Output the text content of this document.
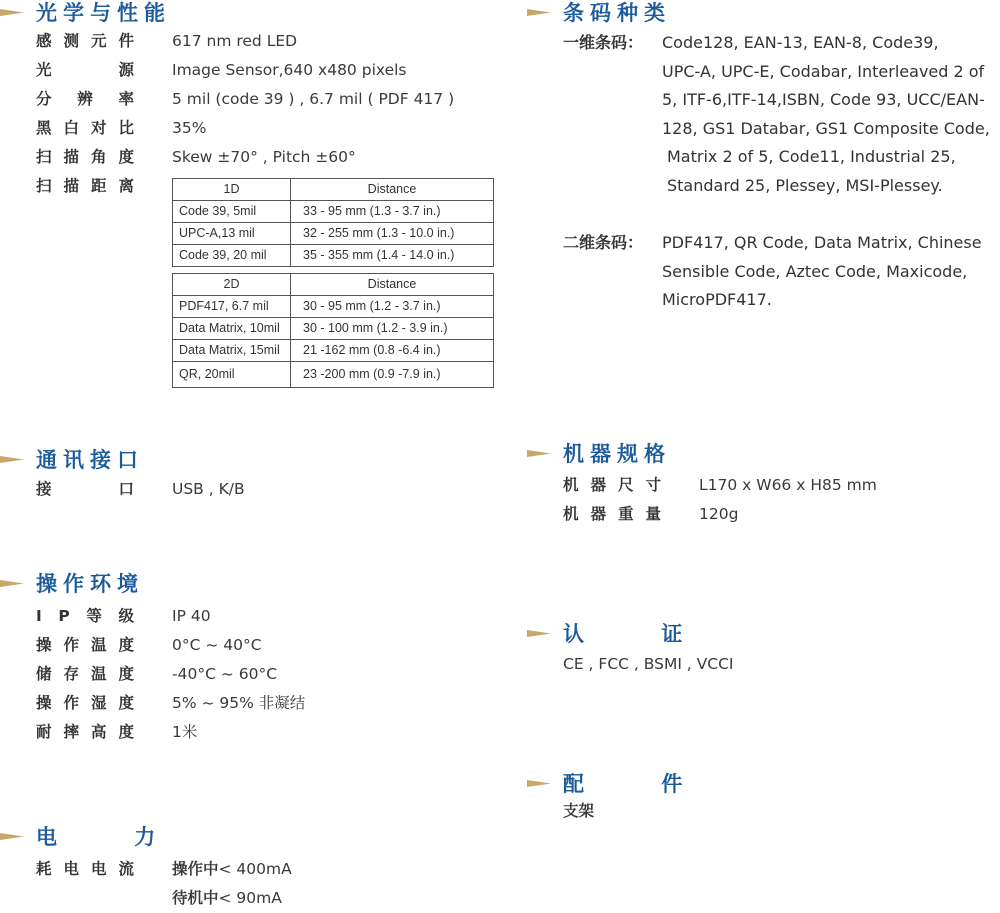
光学与性能
感 测 元 件 617 nm red LED
光	源 Image Sensor,640 x480 pixels
分 辨 率 5 mil (code 39 ) , 6.7 mil ( PDF 417 )
黑 白 对 比 35%
扫 描 角 度 Skew ±70° , Pitch ±60°
扫 描 距 离	1D	Distance
Code 39, 5mil	33 - 95 mm (1.3 - 3.7 in.)
UPC-A,13 mil	32 - 255 mm (1.3 - 10.0 in.)
Code 39, 20 mil	35 - 355 mm (1.4 - 14.0 in.)
2D	Distance
PDF417, 6.7 mil	30 - 95 mm (1.2 - 3.7 in.)
Data Matrix, 10mil	30 - 100 mm (1.2 - 3.9 in.)
Data Matrix, 15mil	21 -162 mm (0.8 -6.4 in.)
QR, 20mil	23 -200 mm (0.9 -7.9 in.)
通讯接口
接	口 USB , K/B
操作环境
I P 等 级 IP 40
操 作 温 度 0°C ~ 40°C
储 存 温 度 -40°C ~ 60°C
操 作 湿 度 5% ~ 95% 非凝结
耐 摔 高 度 1米
电 力
耗 电 电 流 操作中< 400mA
待机中< 90mA
条码种类
一维条码： Code128, EAN-13, EAN-8, Code39,
UPC-A, UPC-E, Codabar, Interleaved 2 of
5, ITF-6,ITF-14,ISBN, Code 93, UCC/EAN-
128, GS1 Databar, GS1 Composite Code,
Matrix 2 of 5, Code11, Industrial 25,
Standard 25, Plessey, MSI-Plessey.
二维条码： PDF417, QR Code, Data Matrix, Chinese
Sensible Code, Aztec Code, Maxicode,
MicroPDF417.
机器规格
机 器 尺 寸 L170 x W66 x H85 mm
机 器 重 量 120g
认 证
CE , FCC , BSMI , VCCI
配 件
支架
